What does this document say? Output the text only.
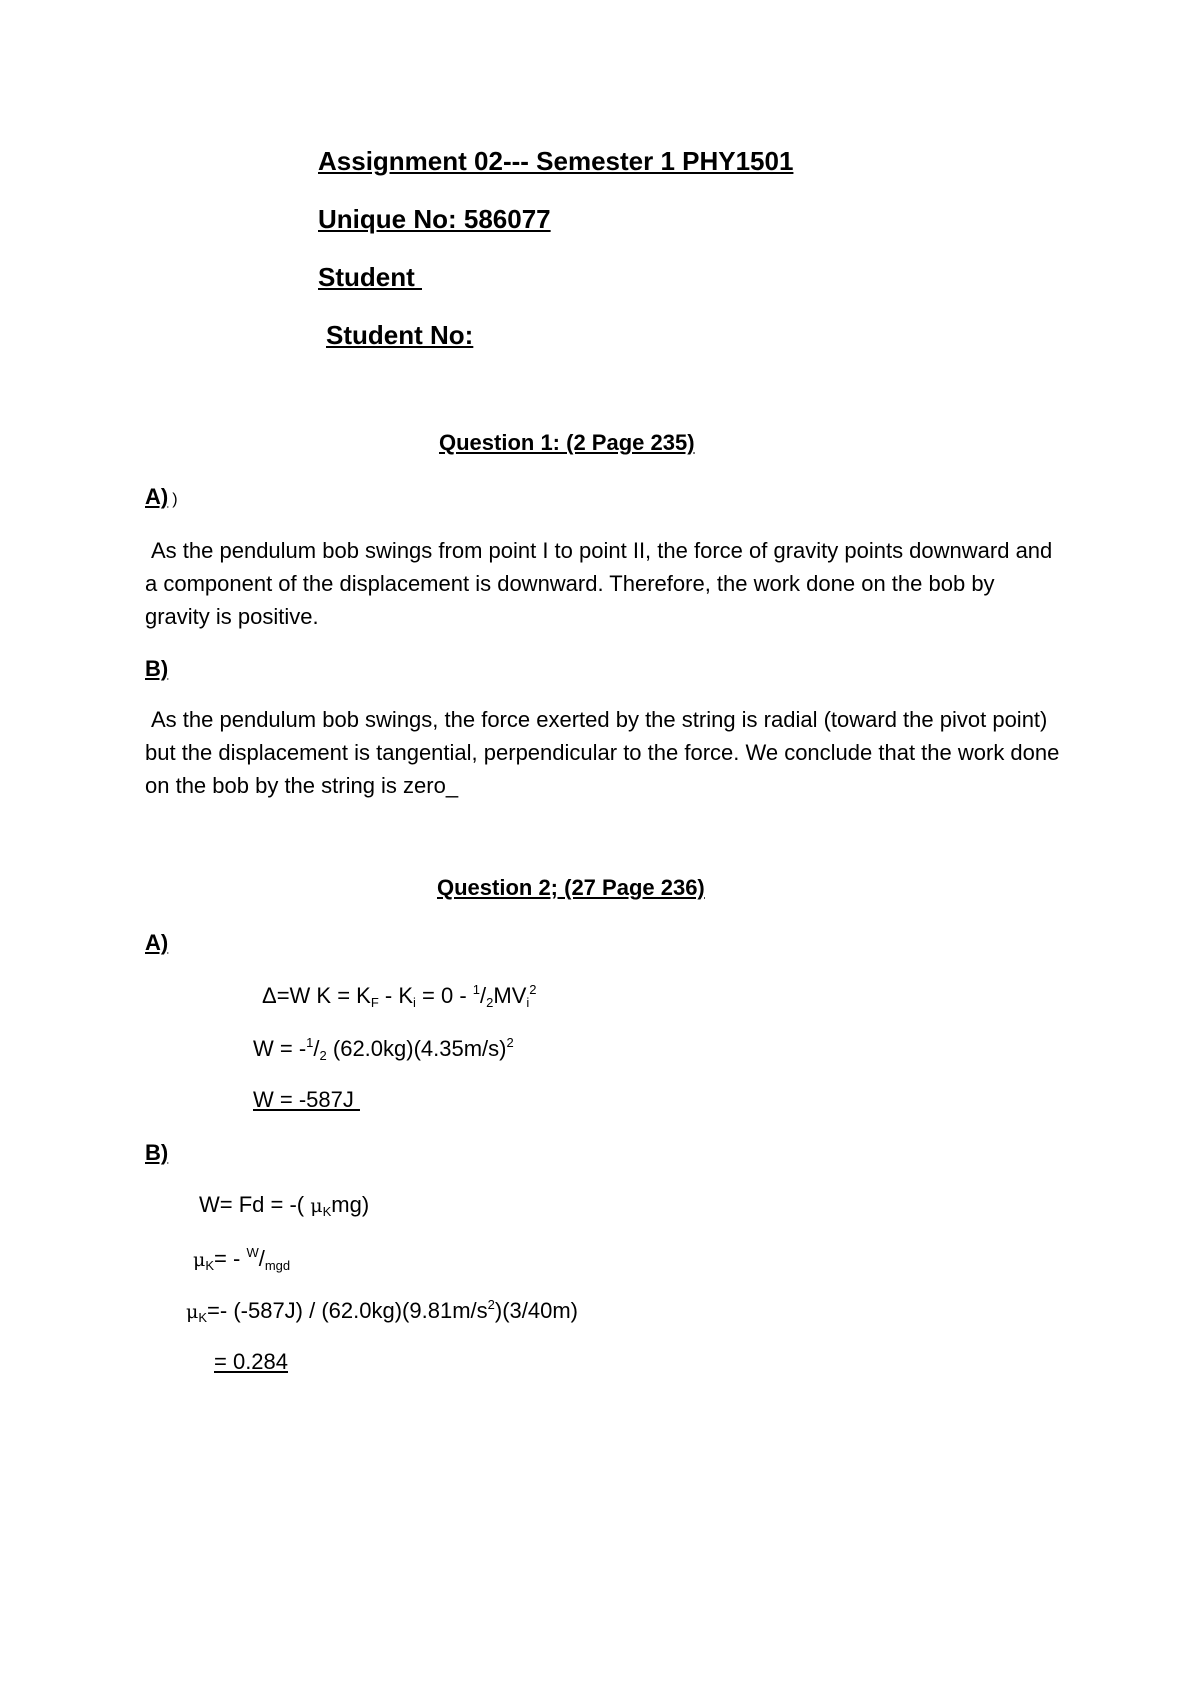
Assignment 02--- Semester 1 PHY1501
Unique No: 586077
Student
Student No:
Question 1: (2 Page 235)
A) )
As the pendulum bob swings from point I to point II, the force of gravity points downward and a component of the displacement is downward. Therefore, the work done on the bob by gravity is positive.
B)
As the pendulum bob swings, the force exerted by the string is radial (toward the pivot point) but the displacement is tangential, perpendicular to the force. We conclude that the work done on the bob by the string is zero_
Question 2; (27 Page 236)
A)
Δ=W $K = K_F - K_i = 0 - ^1/_2MV_i^2$
$W = -^1/_2$ $(62.0kg)(4.35m/s)^2$
W = -587J
B)
W= Fd = -( $\mu_Kmg$)
$\mu_K= - ^W/_{mgd}$
$\mu_K=-$ $(-587J) / (62.0kg)(9.81m/s^2)(3/40m)$
= 0.284
